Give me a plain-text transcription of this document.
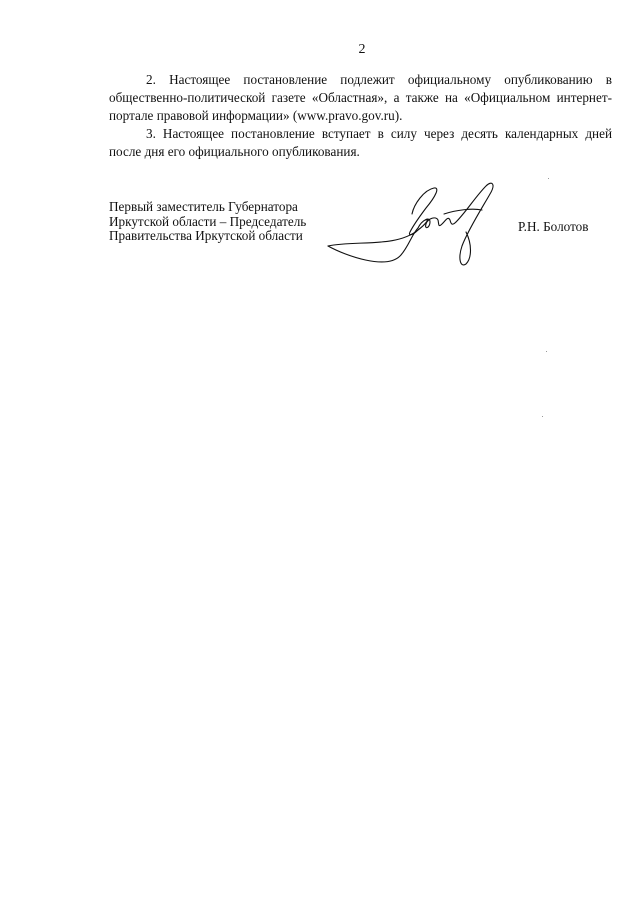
2

2. Настоящее постановление подлежит официальному опубликованию в общественно-политической газете «Областная», а также на «Официальном интернет-портале правовой информации» (www.pravo.gov.ru).

3. Настоящее постановление вступает в силу через десять календарных дней после дня его официального опубликования.

Первый заместитель Губернатора
Иркутской области – Председатель
Правительства Иркутской области
Р.Н. Болотов
